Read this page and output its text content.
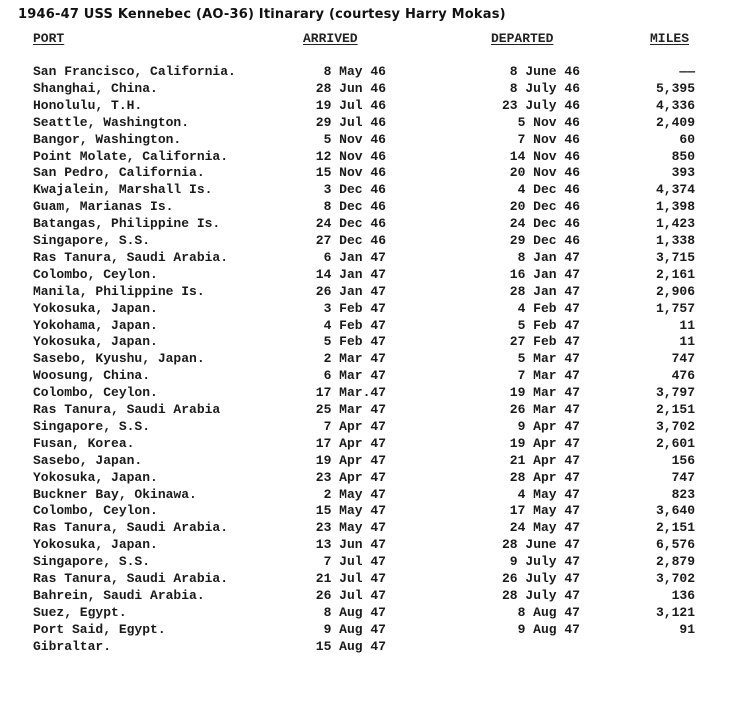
1946-47 USS Kennebec (AO-36) Itinarary (courtesy Harry Mokas)
PORT	ARRIVED	DEPARTED	MILES
San Francisco, California.	8 May 46	8 June 46	——
Shanghai, China.	28 Jun 46	8 July 46	5,395
Honolulu, T.H.	19 Jul 46	23 July 46	4,336
Seattle, Washington.	29 Jul 46	5 Nov 46	2,409
Bangor, Washington.	5 Nov 46	7 Nov 46	60
Point Molate, California.	12 Nov 46	14 Nov 46	850
San Pedro, California.	15 Nov 46	20 Nov 46	393
Kwajalein, Marshall Is.	3 Dec 46	4 Dec 46	4,374
Guam, Marianas Is.	8 Dec 46	20 Dec 46	1,398
Batangas, Philippine Is.	24 Dec 46	24 Dec 46	1,423
Singapore, S.S.	27 Dec 46	29 Dec 46	1,338
Ras Tanura, Saudi Arabia.	6 Jan 47	8 Jan 47	3,715
Colombo, Ceylon.	14 Jan 47	16 Jan 47	2,161
Manila, Philippine Is.	26 Jan 47	28 Jan 47	2,906
Yokosuka, Japan.	3 Feb 47	4 Feb 47	1,757
Yokohama, Japan.	4 Feb 47	5 Feb 47	11
Yokosuka, Japan.	5 Feb 47	27 Feb 47	11
Sasebo, Kyushu, Japan.	2 Mar 47	5 Mar 47	747
Woosung, China.	6 Mar 47	7 Mar 47	476
Colombo, Ceylon.	17 Mar.47	19 Mar 47	3,797
Ras Tanura, Saudi Arabia	25 Mar 47	26 Mar 47	2,151
Singapore, S.S.	7 Apr 47	9 Apr 47	3,702
Fusan, Korea.	17 Apr 47	19 Apr 47	2,601
Sasebo, Japan.	19 Apr 47	21 Apr 47	156
Yokosuka, Japan.	23 Apr 47	28 Apr 47	747
Buckner Bay, Okinawa.	2 May 47	4 May 47	823
Colombo, Ceylon.	15 May 47	17 May 47	3,640
Ras Tanura, Saudi Arabia.	23 May 47	24 May 47	2,151
Yokosuka, Japan.	13 Jun 47	28 June 47	6,576
Singapore, S.S.	7 Jul 47	9 July 47	2,879
Ras Tanura, Saudi Arabia.	21 Jul 47	26 July 47	3,702
Bahrein, Saudi Arabia.	26 Jul 47	28 July 47	136
Suez, Egypt.	8 Aug 47	8 Aug 47	3,121
Port Said, Egypt.	9 Aug 47	9 Aug 47	91
Gibraltar.	15 Aug 47
